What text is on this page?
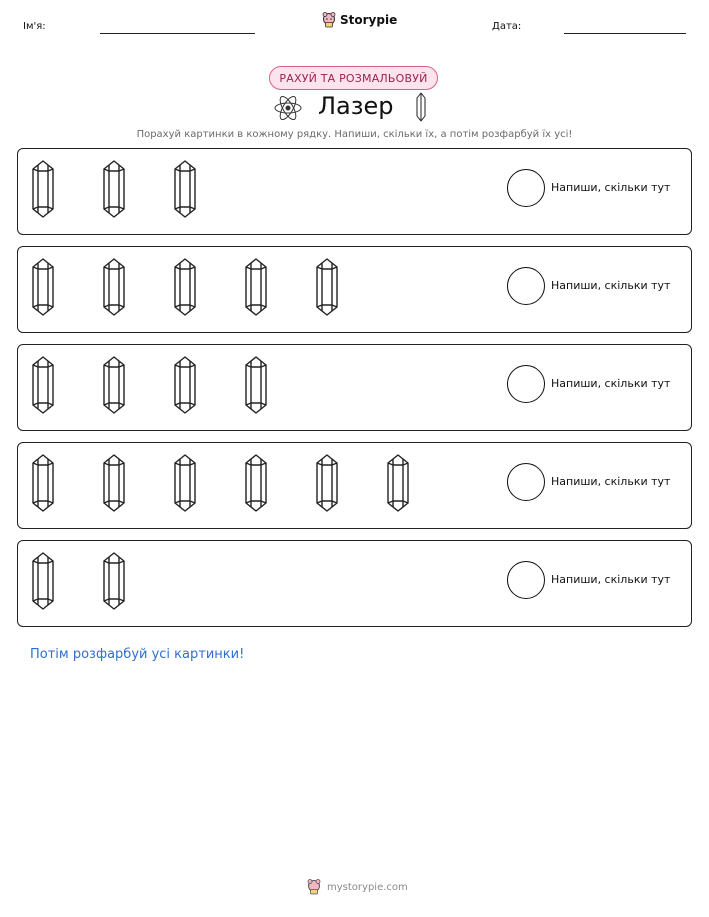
Ім'я:	Storypie	Дата:
РАХУЙ ТА РОЗМАЛЬОВУЙ
Лазер
Порахуй картинки в кожному рядку. Напиши, скільки їх, а потім розфарбуй їх усі!
Напиши, скільки тут
Напиши, скільки тут
Напиши, скільки тут
Напиши, скільки тут
Напиши, скільки тут
Потім розфарбуй усі картинки!
mystorypie.com
